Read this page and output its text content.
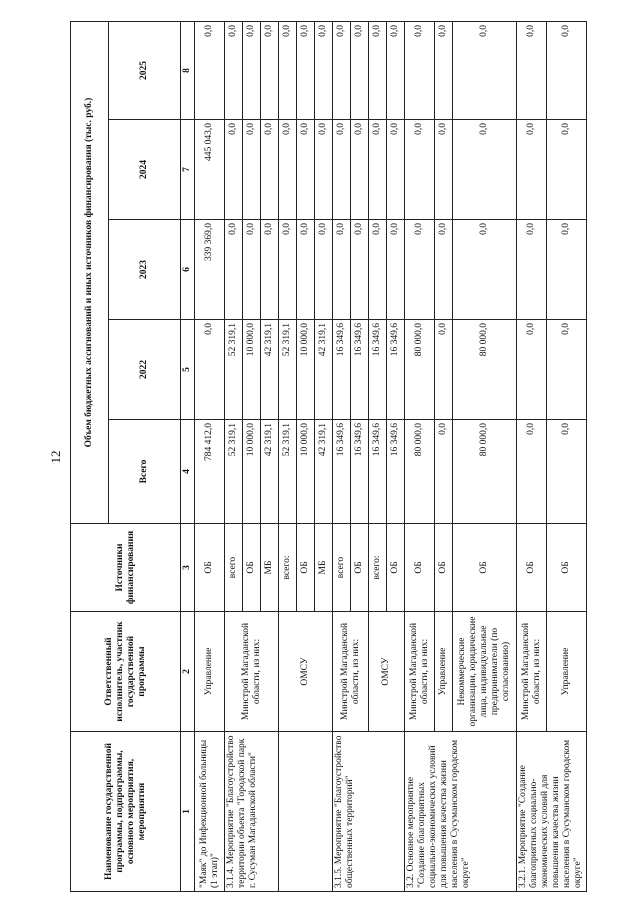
12
Наименование государственной программы, подпрограммы, основного мероприятия, мероприятия	Ответственный исполнитель, участник государственной программы	Источники финансирования	Объем бюджетных ассигнований и иных источников финансирования (тыс. руб.)				
			Всего	2022	2023	2024	2025
1	2	3	4	5	6	7	8
"Маяк" до Инфекционной больницы (1 этап)"	Управление	ОБ	784 412,0	0,0	339 369,0	445 043,0	0,0
3.1.4. Мероприятие "Благоустройство территории объекта "Городской парк г. Сусуман Магаданской области"	Минстрой Магаданской области, из них:	всего	52 319,1	52 319,1	0,0	0,0	0,0
		ОБ	10 000,0	10 000,0	0,0	0,0	0,0
		МБ	42 319,1	42 319,1	0,0	0,0	0,0
	ОМСУ	всего:	52 319,1	52 319,1	0,0	0,0	0,0
		ОБ	10 000,0	10 000,0	0,0	0,0	0,0
		МБ	42 319,1	42 319,1	0,0	0,0	0,0
3.1.5. Мероприятие "Благоустройство общественных территорий"	Минстрой Магаданской области, из них:	всего	16 349,6	16 349,6	0,0	0,0	0,0
		ОБ	16 349,6	16 349,6	0,0	0,0	0,0
	ОМСУ	всего:	16 349,6	16 349,6	0,0	0,0	0,0
		ОБ	16 349,6	16 349,6	0,0	0,0	0,0
3.2. Основное мероприятие "Создание благоприятных социально-экономических условий для повышения качества жизни населения в Сусуманском городском округе"	Минстрой Магаданской области, из них:	ОБ	80 000,0	80 000,0	0,0	0,0	0,0
	Управление	ОБ	0,0	0,0	0,0	0,0	0,0
	Некоммерческие организации, юридические лица, индивидуальные предприниматели (по согласованию)	ОБ	80 000,0	80 000,0	0,0	0,0	0,0
3.2.1. Мероприятие "Создание благоприятных социально-экономических условий для повышения качества жизни населения в Сусуманском городском округе"	Минстрой Магаданской области, из них:	ОБ	0,0	0,0	0,0	0,0	0,0
	Управление	ОБ	0,0	0,0	0,0	0,0	0,0
